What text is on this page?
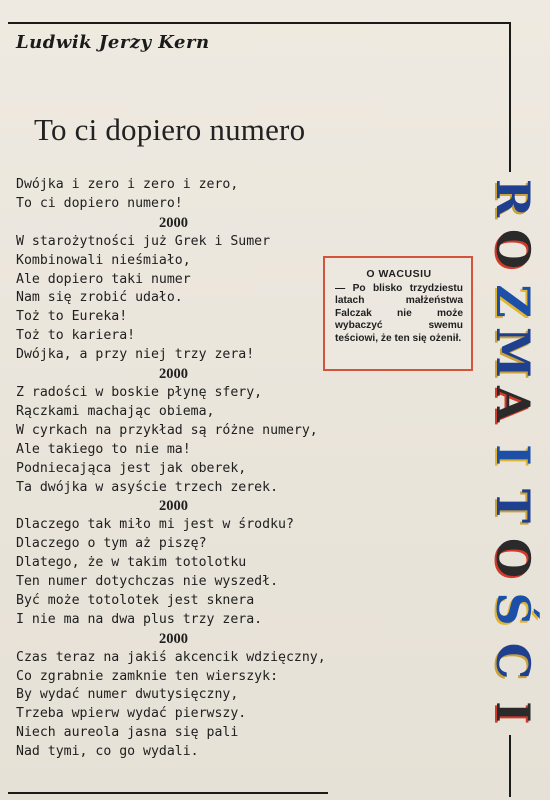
Ludwik Jerzy Kern
To ci dopiero numero
Dwójka i zero i zero i zero,
To ci dopiero numero!
2000
W starożytności już Grek i Sumer
Kombinowali nieśmiało,
Ale dopiero taki numer
Nam się zrobić udało.
Toż to Eureka!
Toż to kariera!
Dwójka, a przy niej trzy zera!
2000
Z radości w boskie płynę sfery,
Rączkami machając obiema,
W cyrkach na przykład są różne numery,
Ale takiego to nie ma!
Podniecająca jest jak oberek,
Ta dwójka w asyście trzech zerek.
2000
Dlaczego tak miło mi jest w środku?
Dlaczego o tym aż piszę?
Dlatego, że w takim totolotku
Ten numer dotychczas nie wyszedł.
Być może totolotek jest sknera
I nie ma na dwa plus trzy zera.
2000
Czas teraz na jakiś akcencik wdzięczny,
Co zgrabnie zamknie ten wierszyk:
By wydać numer dwutysięczny,
Trzeba wpierw wydać pierwszy.
Niech aureola jasna się pali
Nad tymi, co go wydali.
O WACUSIU
— Po blisko trzydziestu latach małżeństwa Falczak nie może wybaczyć swemu teściowi, że ten się ożenił.
R
O
Z
M
A
I
T
O
Ś
C
I
